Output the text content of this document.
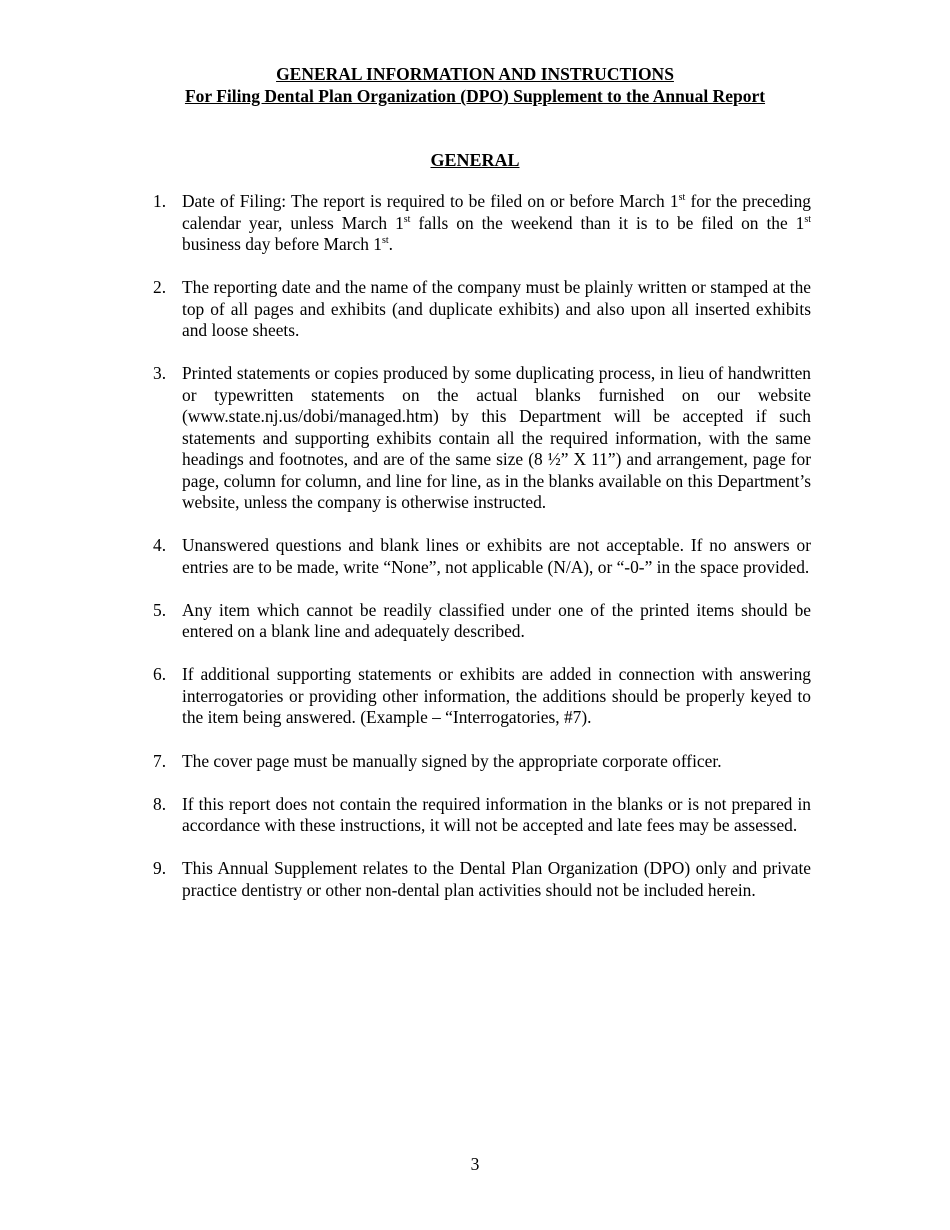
GENERAL INFORMATION AND INSTRUCTIONS
For Filing Dental Plan Organization (DPO) Supplement to the Annual Report
GENERAL
1. Date of Filing: The report is required to be filed on or before March 1st for the preceding calendar year, unless March 1st falls on the weekend than it is to be filed on the 1st business day before March 1st.
2. The reporting date and the name of the company must be plainly written or stamped at the top of all pages and exhibits (and duplicate exhibits) and also upon all inserted exhibits and loose sheets.
3. Printed statements or copies produced by some duplicating process, in lieu of handwritten or typewritten statements on the actual blanks furnished on our website (www.state.nj.us/dobi/managed.htm) by this Department will be accepted if such statements and supporting exhibits contain all the required information, with the same headings and footnotes, and are of the same size (8 ½” X 11”) and arrangement, page for page, column for column, and line for line, as in the blanks available on this Department’s website, unless the company is otherwise instructed.
4. Unanswered questions and blank lines or exhibits are not acceptable. If no answers or entries are to be made, write “None”, not applicable (N/A), or “-0-” in the space provided.
5. Any item which cannot be readily classified under one of the printed items should be entered on a blank line and adequately described.
6. If additional supporting statements or exhibits are added in connection with answering interrogatories or providing other information, the additions should be properly keyed to the item being answered. (Example – “Interrogatories, #7).
7. The cover page must be manually signed by the appropriate corporate officer.
8. If this report does not contain the required information in the blanks or is not prepared in accordance with these instructions, it will not be accepted and late fees may be assessed.
9. This Annual Supplement relates to the Dental Plan Organization (DPO) only and private practice dentistry or other non-dental plan activities should not be included herein.
3
